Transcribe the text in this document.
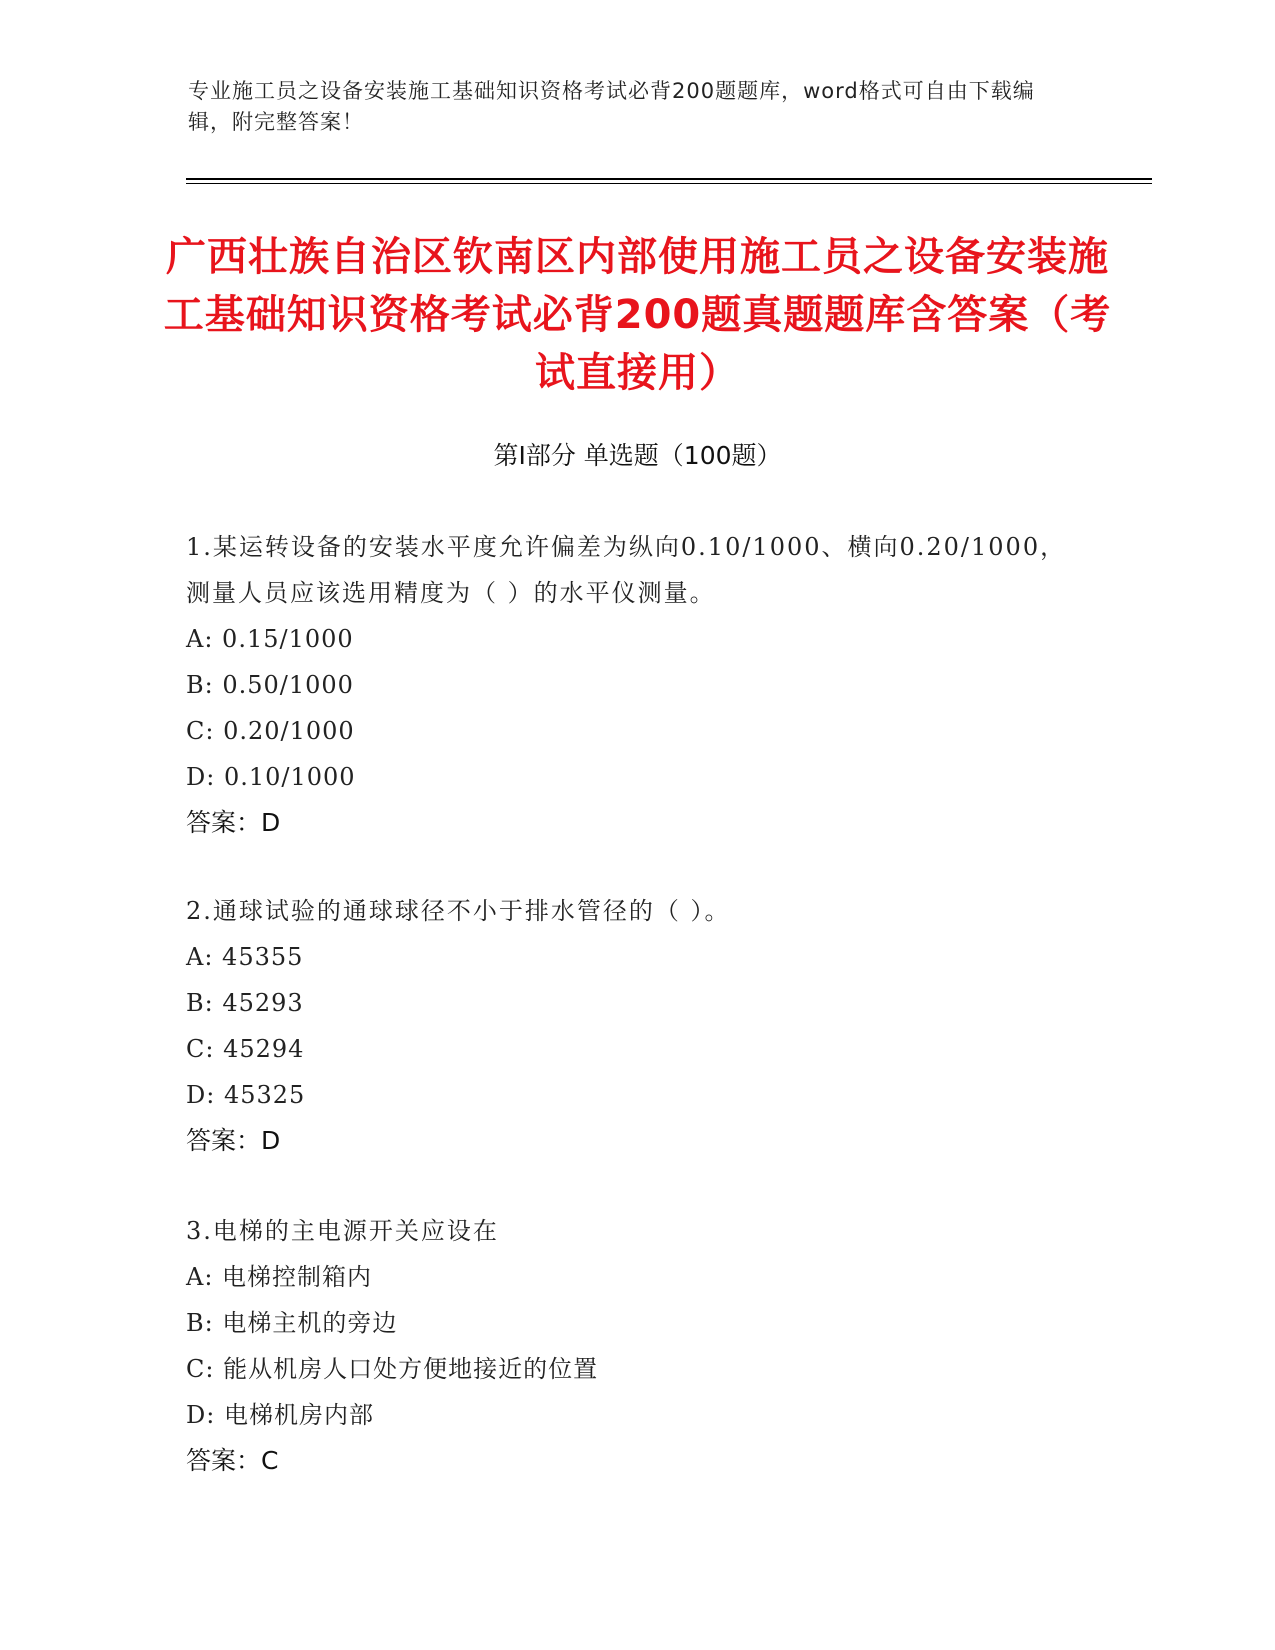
专业施工员之设备安装施工基础知识资格考试必背200题题库，word格式可自由下载编辑，附完整答案！
广西壮族自治区钦南区内部使用施工员之设备安装施工基础知识资格考试必背200题真题题库含答案（考试直接用）
第I部分 单选题（100题）
1.某运转设备的安装水平度允许偏差为纵向0.10/1000、横向0.20/1000，测量人员应该选用精度为（ ）的水平仪测量。
A: 0.15/1000
B: 0.50/1000
C: 0.20/1000
D: 0.10/1000
答案：D
2.通球试验的通球球径不小于排水管径的（ ）。
A: 45355
B: 45293
C: 45294
D: 45325
答案：D
3.电梯的主电源开关应设在
A: 电梯控制箱内
B: 电梯主机的旁边
C: 能从机房人口处方便地接近的位置
D: 电梯机房内部
答案：C
